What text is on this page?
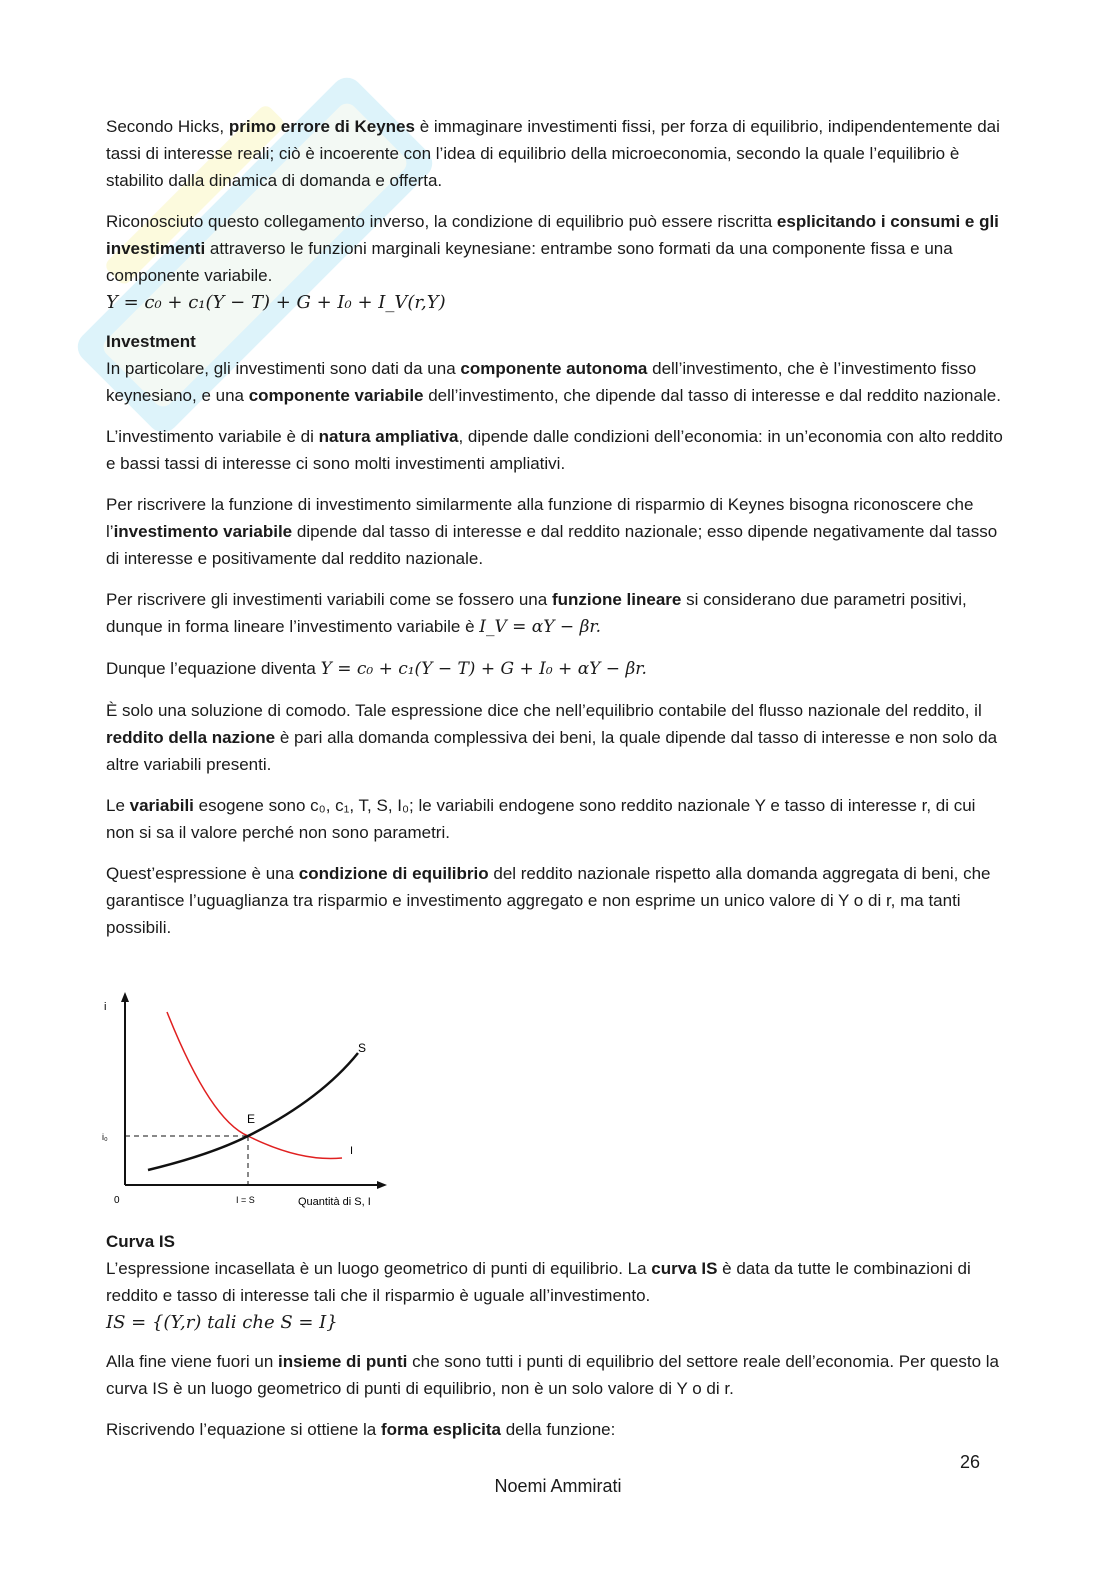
Secondo Hicks, primo errore di Keynes è immaginare investimenti fissi, per forza di equilibrio, indipendentemente dai tassi di interesse reali; ciò è incoerente con l’idea di equilibrio della microeconomia, secondo la quale l’equilibrio è stabilito dalla dinamica di domanda e offerta.

Riconosciuto questo collegamento inverso, la condizione di equilibrio può essere riscritta esplicitando i consumi e gli investimenti attraverso le funzioni marginali keynesiane: entrambe sono formati da una componente fissa e una componente variabile.

Y = c₀ + c₁(Y − T) + G + I₀ + I_V(r,Y)
Investment

In particolare, gli investimenti sono dati da una componente autonoma dell’investimento, che è l’investimento fisso keynesiano, e una componente variabile dell’investimento, che dipende dal tasso di interesse e dal reddito nazionale.

L’investimento variabile è di natura ampliativa, dipende dalle condizioni dell’economia: in un’economia con alto reddito e bassi tassi di interesse ci sono molti investimenti ampliativi.

Per riscrivere la funzione di investimento similarmente alla funzione di risparmio di Keynes bisogna riconoscere che l’investimento variabile dipende dal tasso di interesse e dal reddito nazionale; esso dipende negativamente dal tasso di interesse e positivamente dal reddito nazionale.

Per riscrivere gli investimenti variabili come se fossero una funzione lineare si considerano due parametri positivi, dunque in forma lineare l’investimento variabile è I_V = αY − βr.

Dunque l’equazione diventa Y = c₀ + c₁(Y − T) + G + I₀ + αY − βr.

È solo una soluzione di comodo. Tale espressione dice che nell’equilibrio contabile del flusso nazionale del reddito, il reddito della nazione è pari alla domanda complessiva dei beni, la quale dipende dal tasso di interesse e non solo da altre variabili presenti.

Le variabili esogene sono c₀, c₁, T, S, I₀; le variabili endogene sono reddito nazionale Y e tasso di interesse r, di cui non si sa il valore perché non sono parametri.

Quest’espressione è una condizione di equilibrio del reddito nazionale rispetto alla domanda aggregata di beni, che garantisce l’uguaglianza tra risparmio e investimento aggregato e non esprime un unico valore di Y o di r, ma tanti possibili.

i
0
i₀
I = S	Quantità di S, I
S
I
E
Curva IS

L’espressione incasellata è un luogo geometrico di punti di equilibrio. La curva IS è data da tutte le combinazioni di reddito e tasso di interesse tali che il risparmio è uguale all’investimento.

IS = {(Y,r) tali che S = I}

Alla fine viene fuori un insieme di punti che sono tutti i punti di equilibrio del settore reale dell’economia. Per questo la curva IS è un luogo geometrico di punti di equilibrio, non è un solo valore di Y o di r.

Riscrivendo l’equazione si ottiene la forma esplicita della funzione:

26
Noemi Ammirati
